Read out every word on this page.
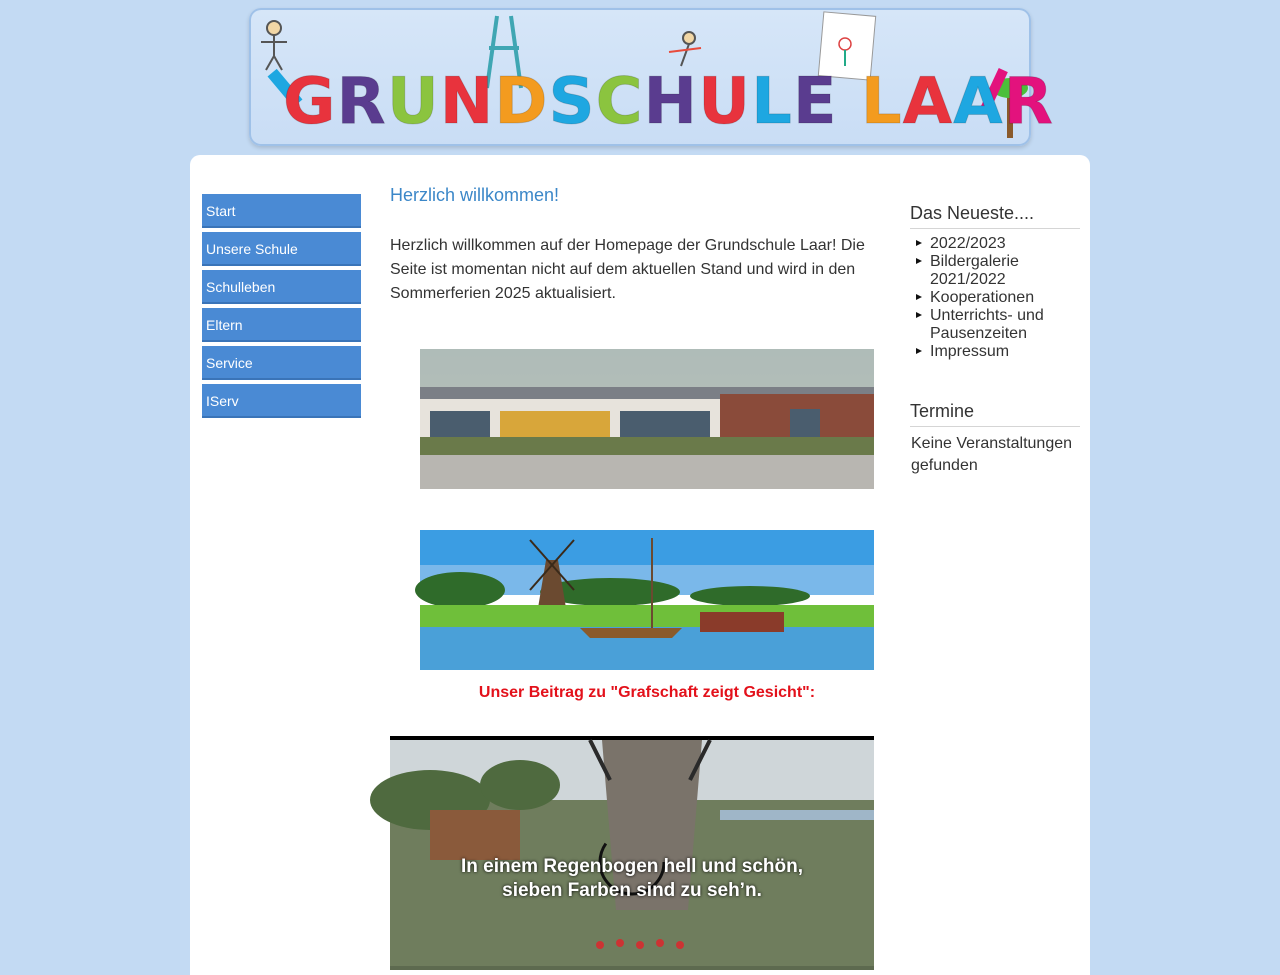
GRUNDSCHULE LAAR
Start
Unsere Schule
Schulleben
Eltern
Service
IServ
Herzlich willkommen!
Herzlich willkommen auf der Homepage der Grundschule Laar! Die Seite ist momentan nicht auf dem aktuellen Stand und wird in den Sommerferien 2025 aktualisiert.
Unser Beitrag zu "Grafschaft zeigt Gesicht":
In einem Regenbogen hell und schön,
sieben Farben sind zu seh’n.
Das Neueste....
2022/2023
Bildergalerie 2021/2022
Kooperationen
Unterrichts- und Pausenzeiten
Impressum
Termine
Keine Veranstaltungen gefunden
